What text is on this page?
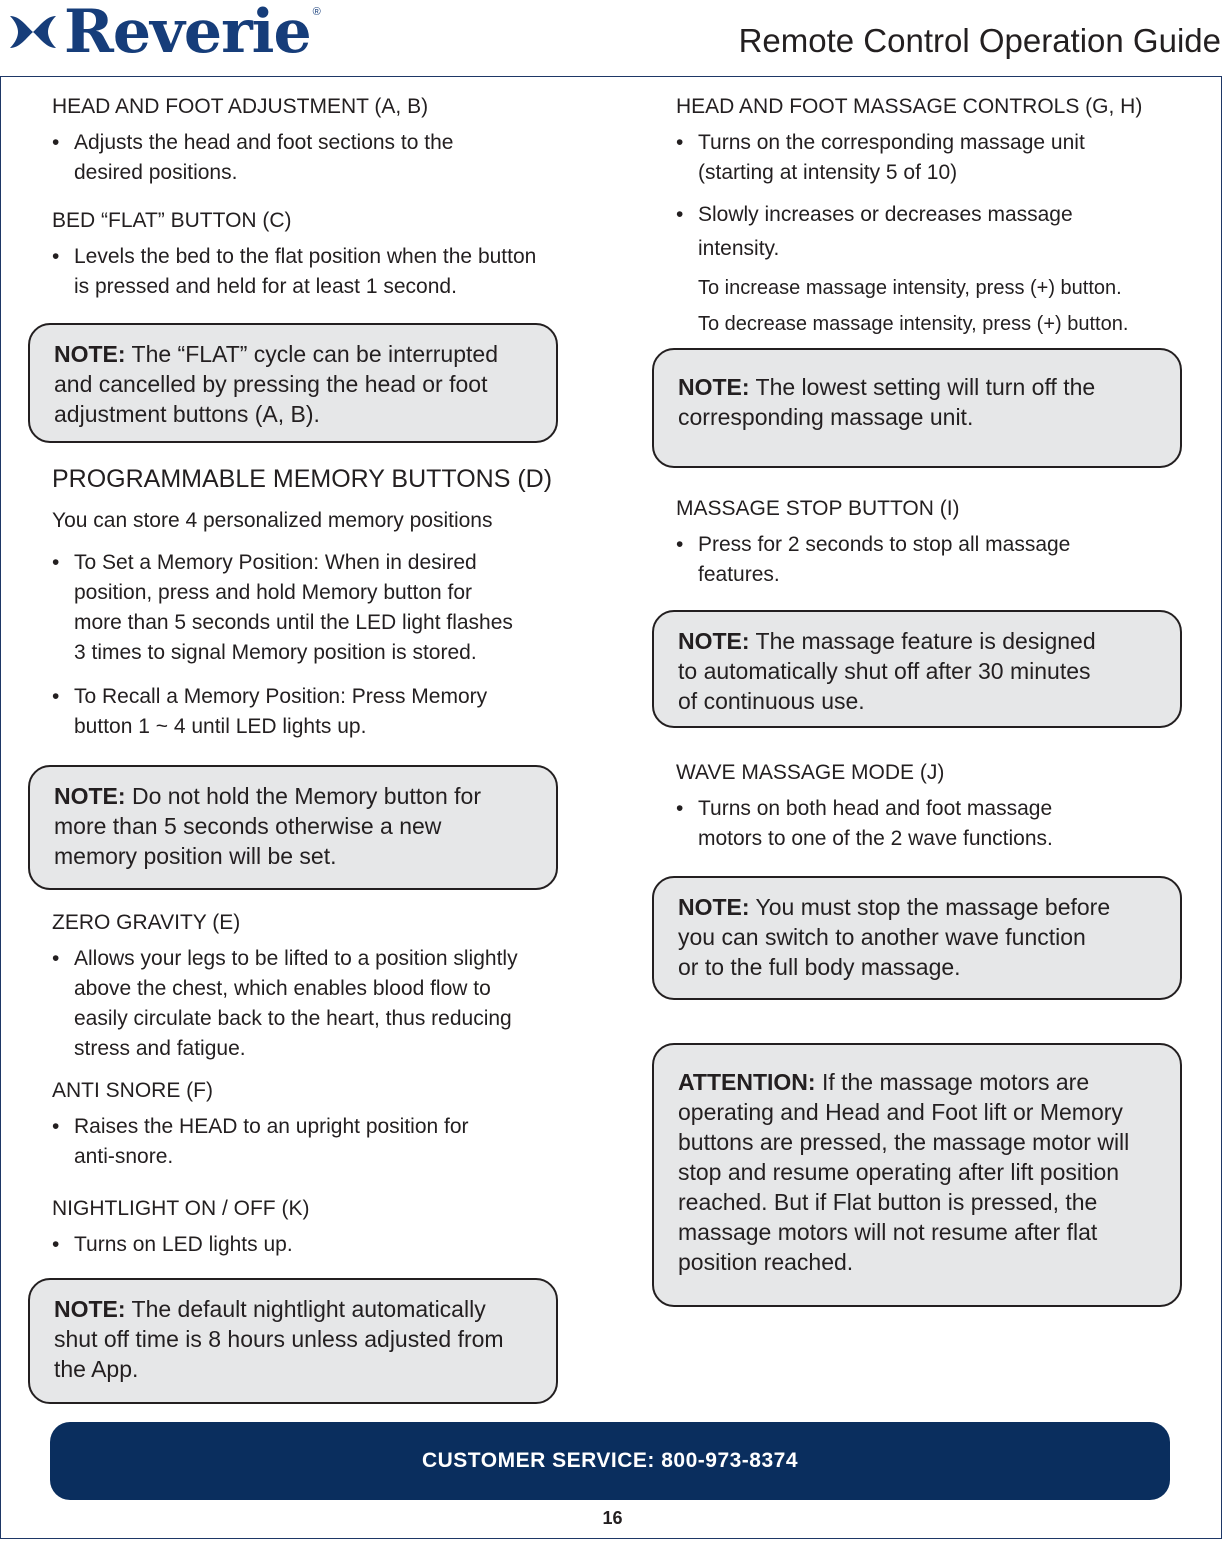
Reverie ®
Remote Control Operation Guide

HEAD AND FOOT ADJUSTMENT (A, B)

• Adjusts the head and foot sections to the
desired positions.

BED “FLAT” BUTTON (C)

• Levels the bed to the flat position when the button
is pressed and held for at least 1 second.

NOTE: The “FLAT” cycle can be interrupted
and cancelled by pressing the head or foot
adjustment buttons (A, B).

PROGRAMMABLE MEMORY BUTTONS (D)

You can store 4 personalized memory positions

• To Set a Memory Position: When in desired
position, press and hold Memory button for
more than 5 seconds until the LED light flashes
3 times to signal Memory position is stored.

• To Recall a Memory Position: Press Memory
button 1 ~ 4 until LED lights up.

NOTE: Do not hold the Memory button for
more than 5 seconds otherwise a new
memory position will be set.

ZERO GRAVITY (E)

• Allows your legs to be lifted to a position slightly
above the chest, which enables blood flow to
easily circulate back to the heart, thus reducing
stress and fatigue.

ANTI SNORE (F)

• Raises the HEAD to an upright position for
anti-snore.

NIGHTLIGHT ON / OFF (K)

• Turns on LED lights up.

NOTE: The default nightlight automatically
shut off time is 8 hours unless adjusted from
the App.

HEAD AND FOOT MASSAGE CONTROLS (G, H)

• Turns on the corresponding massage unit
(starting at intensity 5 of 10)

• Slowly increases or decreases massage
intensity.

To increase massage intensity, press (+) button.
To decrease massage intensity, press (+) button.

NOTE: The lowest setting will turn off the
corresponding massage unit.

MASSAGE STOP BUTTON (I)

• Press for 2 seconds to stop all massage
features.

NOTE: The massage feature is designed
to automatically shut off after 30 minutes
of continuous use.

WAVE MASSAGE MODE (J)

• Turns on both head and foot massage
motors to one of the 2 wave functions.

NOTE: You must stop the massage before
you can switch to another wave function
or to the full body massage.
ATTENTION: If the massage motors are
operating and Head and Foot lift or Memory
buttons are pressed, the massage motor will
stop and resume operating after lift position
reached. But if Flat button is pressed, the
massage motors will not resume after flat
position reached.
CUSTOMER SERVICE: 800-973-8374
16
